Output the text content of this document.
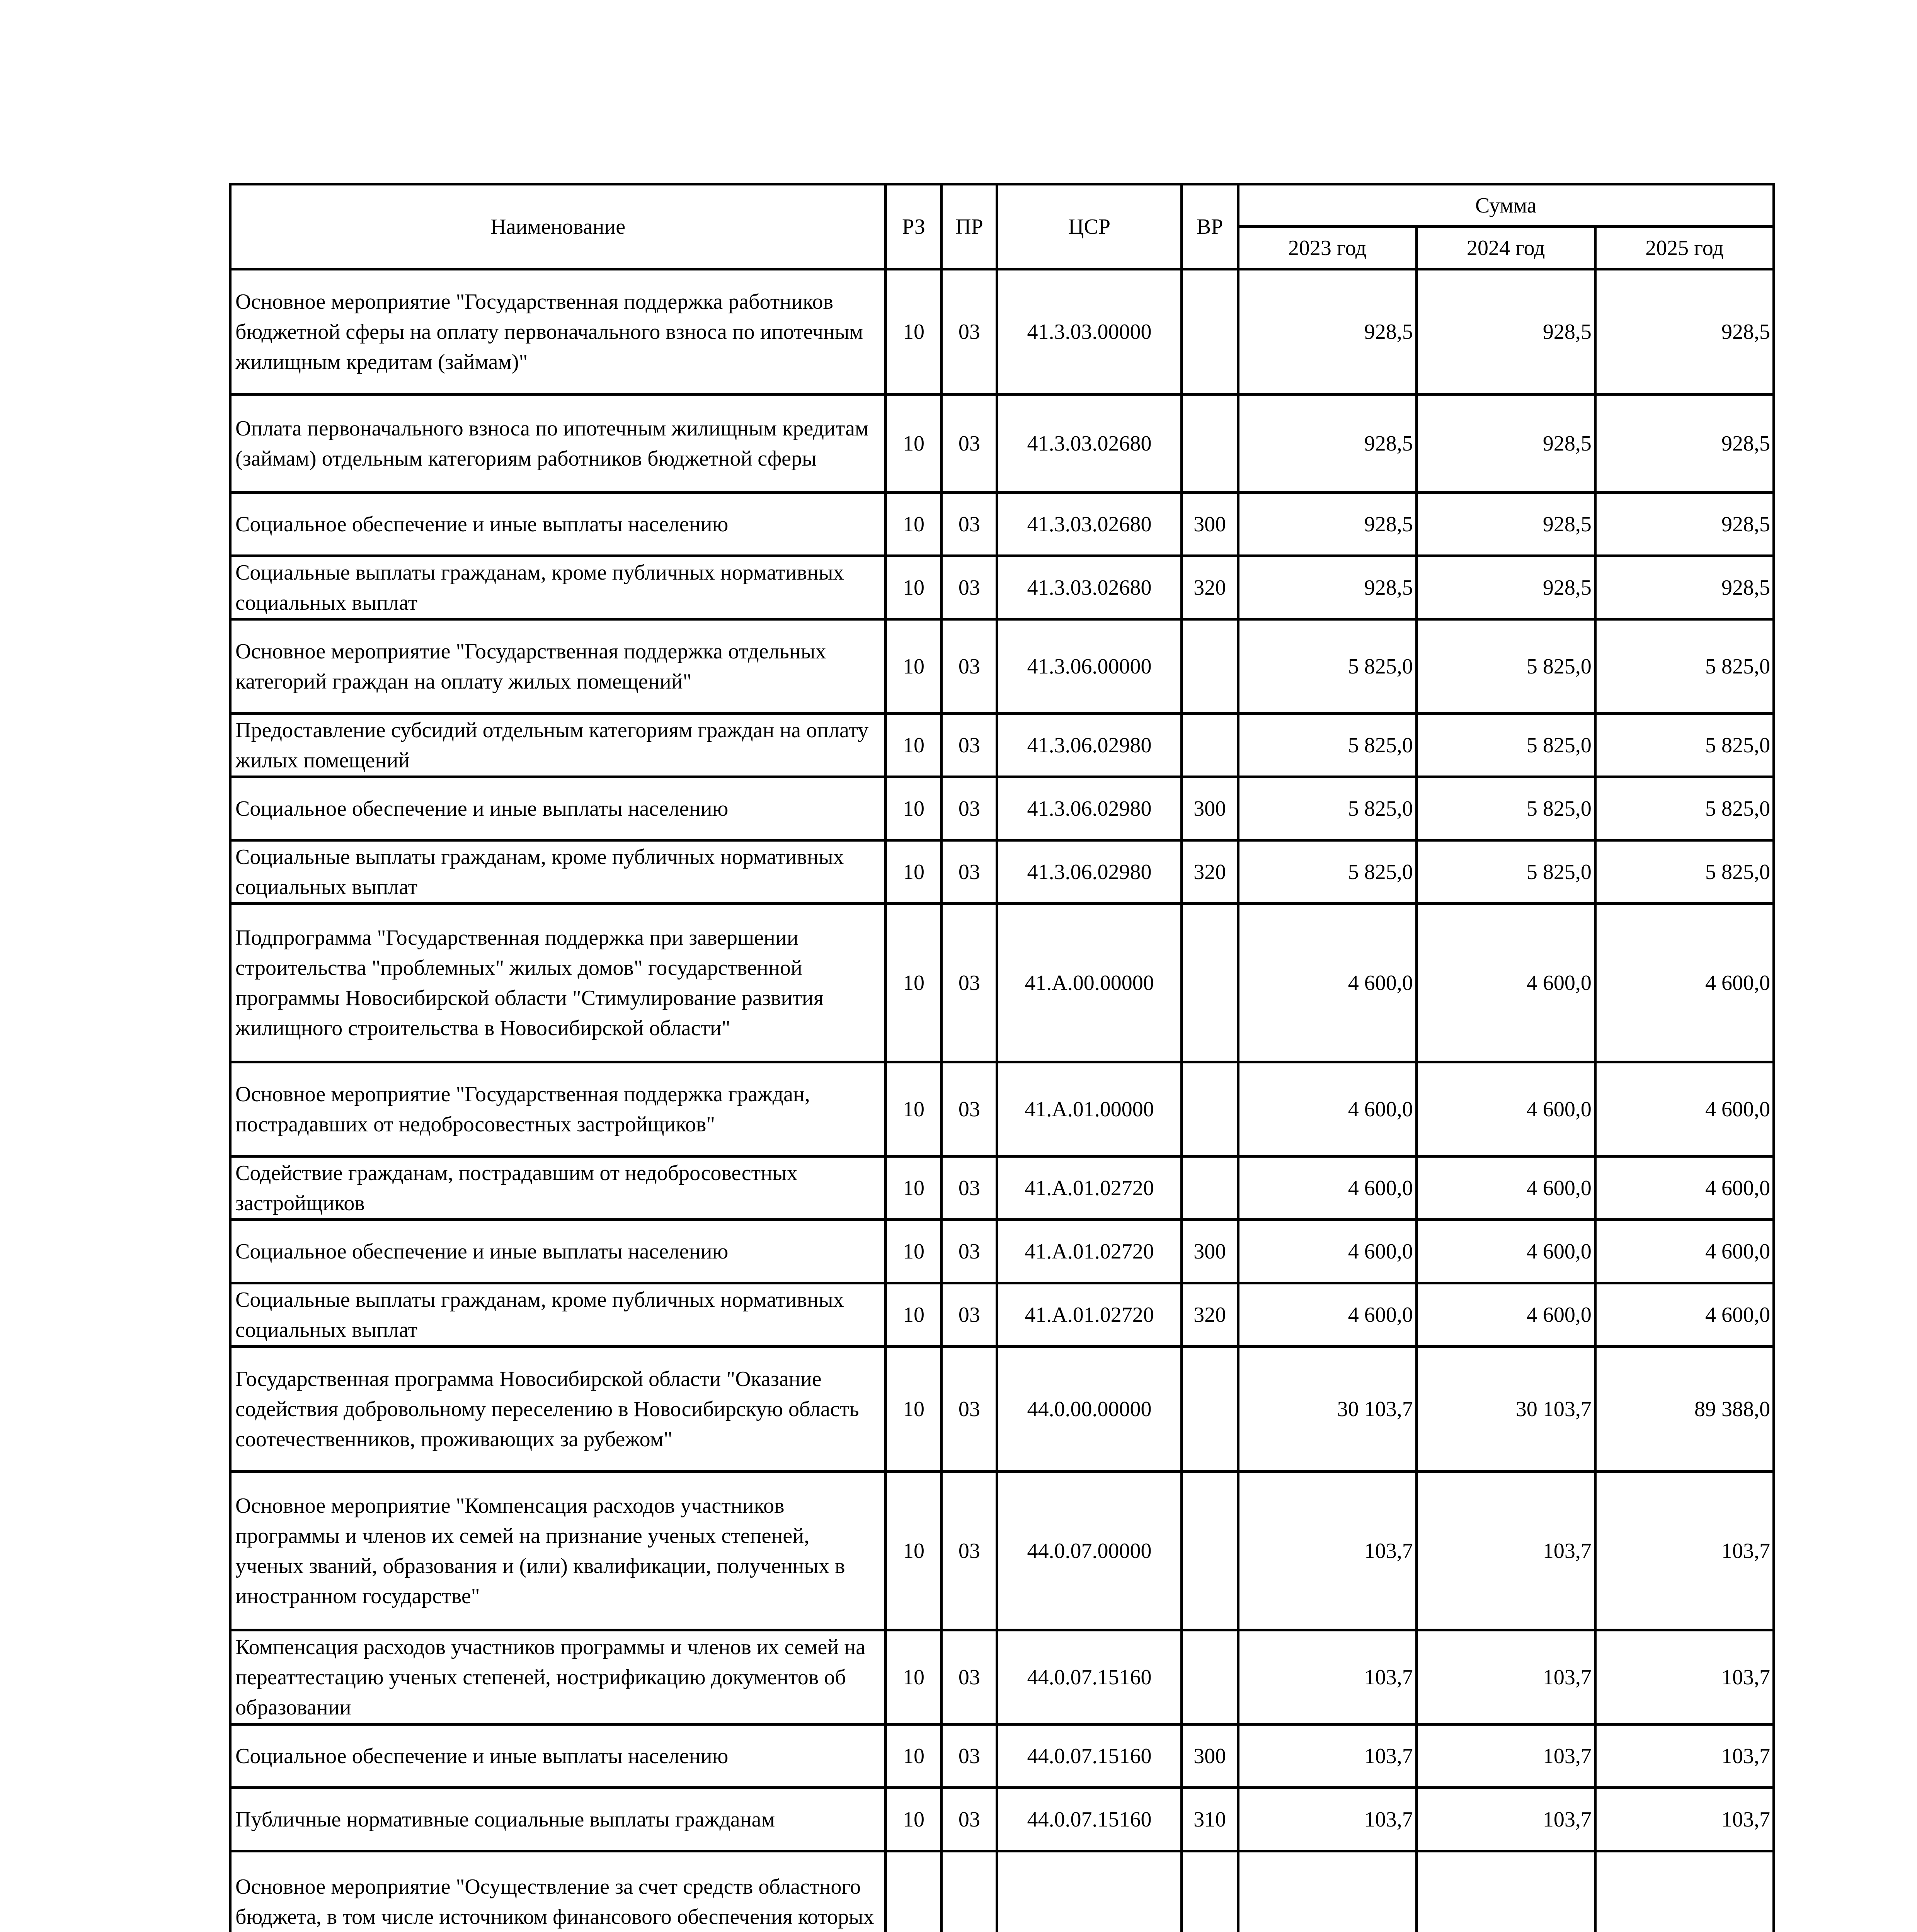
Наименование	РЗ	ПР	ЦСР	ВР	Сумма		
					2023 год	2024 год	2025 год
Основное мероприятие "Государственная поддержка работников бюджетной сферы на оплату первоначального взноса по ипотечным жилищным кредитам (займам)"	10	03	41.3.03.00000		928,5	928,5	928,5
Оплата первоначального взноса по ипотечным жилищным кредитам (займам) отдельным категориям работников бюджетной сферы	10	03	41.3.03.02680		928,5	928,5	928,5
Социальное обеспечение и иные выплаты населению	10	03	41.3.03.02680	300	928,5	928,5	928,5
Социальные выплаты гражданам, кроме публичных нормативных социальных выплат	10	03	41.3.03.02680	320	928,5	928,5	928,5
Основное мероприятие "Государственная поддержка отдельных категорий граждан на оплату жилых помещений"	10	03	41.3.06.00000		5 825,0	5 825,0	5 825,0
Предоставление субсидий отдельным категориям граждан на оплату жилых помещений	10	03	41.3.06.02980		5 825,0	5 825,0	5 825,0
Социальное обеспечение и иные выплаты населению	10	03	41.3.06.02980	300	5 825,0	5 825,0	5 825,0
Социальные выплаты гражданам, кроме публичных нормативных социальных выплат	10	03	41.3.06.02980	320	5 825,0	5 825,0	5 825,0
Подпрограмма "Государственная поддержка при завершении строительства "проблемных" жилых домов" государственной программы Новосибирской области "Стимулирование развития жилищного строительства в Новосибирской области"	10	03	41.А.00.00000		4 600,0	4 600,0	4 600,0
Основное мероприятие "Государственная поддержка граждан, пострадавших от недобросовестных застройщиков"	10	03	41.А.01.00000		4 600,0	4 600,0	4 600,0
Содействие гражданам, пострадавшим от недобросовестных застройщиков	10	03	41.А.01.02720		4 600,0	4 600,0	4 600,0
Социальное обеспечение и иные выплаты населению	10	03	41.А.01.02720	300	4 600,0	4 600,0	4 600,0
Социальные выплаты гражданам, кроме публичных нормативных социальных выплат	10	03	41.А.01.02720	320	4 600,0	4 600,0	4 600,0
Государственная программа Новосибирской области "Оказание содействия добровольному переселению в Новосибирскую область соотечественников, проживающих за рубежом"	10	03	44.0.00.00000		30 103,7	30 103,7	89 388,0
Основное мероприятие "Компенсация расходов участников программы и членов их семей на признание ученых степеней, ученых званий, образования и (или) квалификации, полученных в иностранном государстве"	10	03	44.0.07.00000		103,7	103,7	103,7
Компенсация расходов участников программы и членов их семей на переаттестацию ученых степеней, нострификацию документов об образовании	10	03	44.0.07.15160		103,7	103,7	103,7
Социальное обеспечение и иные выплаты населению	10	03	44.0.07.15160	300	103,7	103,7	103,7
Публичные нормативные социальные выплаты гражданам	10	03	44.0.07.15160	310	103,7	103,7	103,7
Основное мероприятие "Осуществление за счет средств областного бюджета, в том числе источником финансового обеспечения которых							
